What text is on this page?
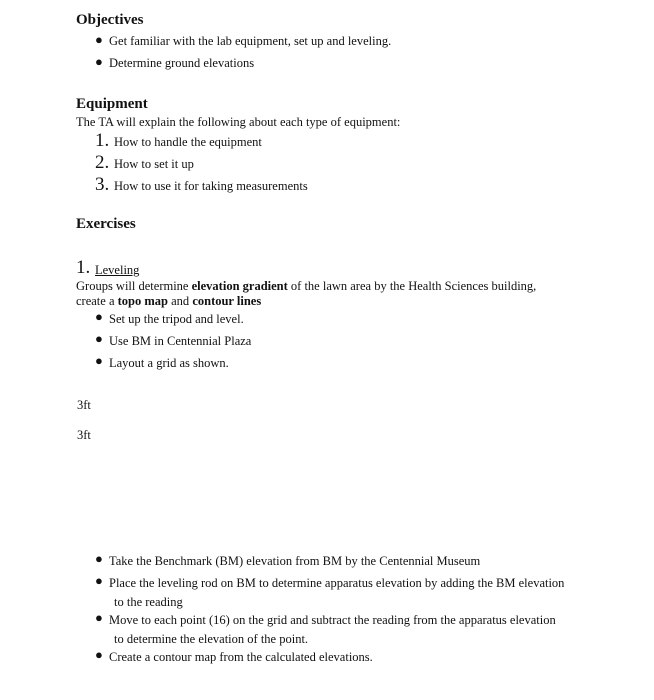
Objectives
● Get familiar with the lab equipment, set up and leveling.
● Determine ground elevations
Equipment
The TA will explain the following about each type of equipment:
1. How to handle the equipment
2. How to set it up
3. How to use it for taking measurements
Exercises
1. Leveling
Groups will determine elevation gradient of the lawn area by the Health Sciences building,
create a topo map and contour lines
● Set up the tripod and level.
● Use BM in Centennial Plaza
● Layout a grid as shown.
3ft
3ft
● Take the Benchmark (BM) elevation from BM by the Centennial Museum
● Place the leveling rod on BM to determine apparatus elevation by adding the BM elevation
to the reading
● Move to each point (16) on the grid and subtract the reading from the apparatus elevation
to determine the elevation of the point.
● Create a contour map from the calculated elevations.
